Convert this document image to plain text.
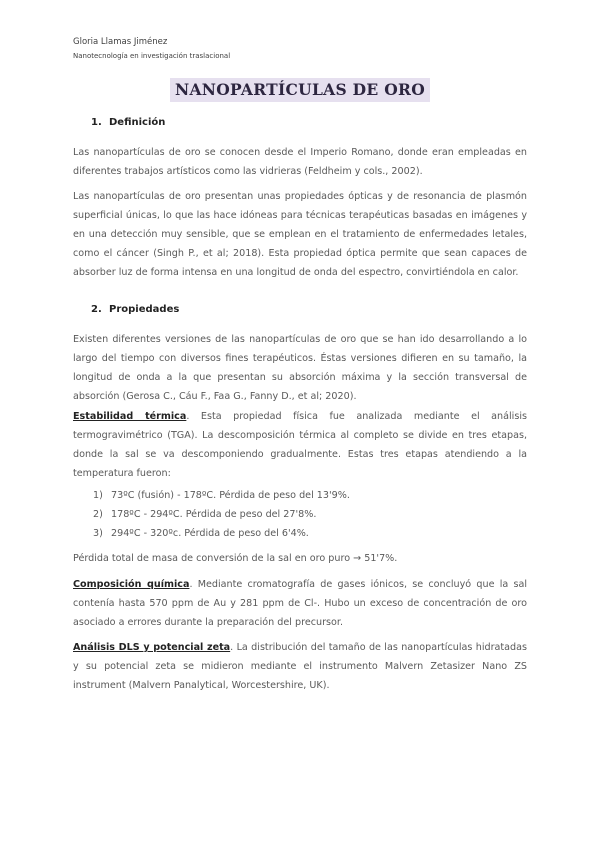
Gloria Llamas Jiménez
Nanotecnología en investigación traslacional
NANOPARTÍCULAS DE ORO
1. Definición

Las nanopartículas de oro se conocen desde el Imperio Romano, donde eran empleadas en diferentes trabajos artísticos como las vidrieras (Feldheim y cols., 2002).

Las nanopartículas de oro presentan unas propiedades ópticas y de resonancia de plasmón superficial únicas, lo que las hace idóneas para técnicas terapéuticas basadas en imágenes y en una detección muy sensible, que se emplean en el tratamiento de enfermedades letales, como el cáncer (Singh P., et al; 2018). Esta propiedad óptica permite que sean capaces de absorber luz de forma intensa en una longitud de onda del espectro, convirtiéndola en calor.

2. Propiedades

Existen diferentes versiones de las nanopartículas de oro que se han ido desarrollando a lo largo del tiempo con diversos fines terapéuticos. Éstas versiones difieren en su tamaño, la longitud de onda a la que presentan su absorción máxima y la sección transversal de absorción (Gerosa C., Cáu F., Faa G., Fanny D., et al; 2020).

Estabilidad térmica. Esta propiedad física fue analizada mediante el análisis termogravimétrico (TGA). La descomposición térmica al completo se divide en tres etapas, donde la sal se va descomponiendo gradualmente. Estas tres etapas atendiendo a la temperatura fueron:

1) 73ºC (fusión) - 178ºC. Pérdida de peso del 13'9%.
2) 178ºC - 294ºC. Pérdida de peso del 27'8%.
3) 294ºC - 320ºc. Pérdida de peso del 6'4%.

Pérdida total de masa de conversión de la sal en oro puro → 51'7%.

Composición química. Mediante cromatografía de gases iónicos, se concluyó que la sal contenía hasta 570 ppm de Au y 281 ppm de Cl-. Hubo un exceso de concentración de oro asociado a errores durante la preparación del precursor.

Análisis DLS y potencial zeta. La distribución del tamaño de las nanopartículas hidratadas y su potencial zeta se midieron mediante el instrumento Malvern Zetasizer Nano ZS instrument (Malvern Panalytical, Worcestershire, UK).
